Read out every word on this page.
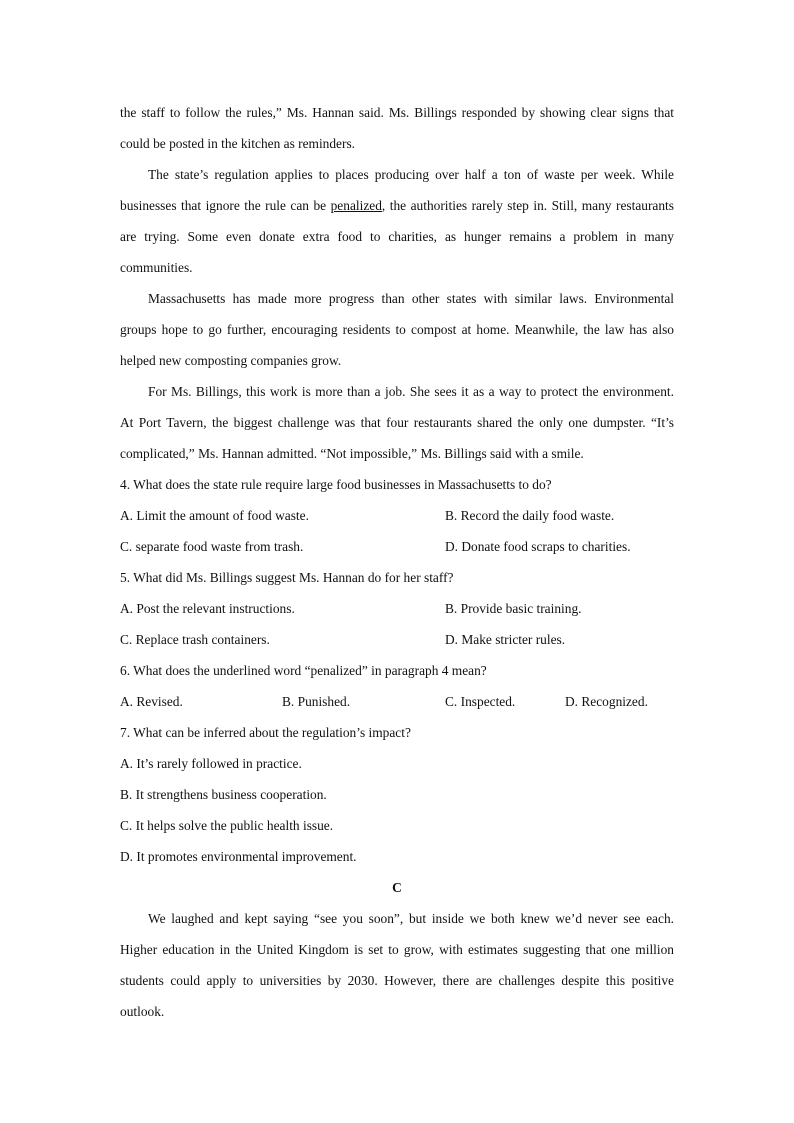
the staff to follow the rules,” Ms. Hannan said. Ms. Billings responded by showing clear signs that
could be posted in the kitchen as reminders.
The state’s regulation applies to places producing over half a ton of waste per week. While
businesses that ignore the rule can be penalized, the authorities rarely step in. Still, many restaurants
are trying. Some even donate extra food to charities, as hunger remains a problem in many
communities.
Massachusetts has made more progress than other states with similar laws. Environmental
groups hope to go further, encouraging residents to compost at home. Meanwhile, the law has also
helped new composting companies grow.
For Ms. Billings, this work is more than a job. She sees it as a way to protect the environment.
At Port Tavern, the biggest challenge was that four restaurants shared the only one dumpster. “It’s
complicated,” Ms. Hannan admitted. “Not impossible,” Ms. Billings said with a smile.
4. What does the state rule require large food businesses in Massachusetts to do?
A. Limit the amount of food waste.	B. Record the daily food waste.
C. separate food waste from trash.	D. Donate food scraps to charities.
5. What did Ms. Billings suggest Ms. Hannan do for her staff?
A. Post the relevant instructions.	B. Provide basic training.
C. Replace trash containers.	D. Make stricter rules.
6. What does the underlined word “penalized” in paragraph 4 mean?
A. Revised.	B. Punished.	C. Inspected.	D. Recognized.
7. What can be inferred about the regulation’s impact?
A. It’s rarely followed in practice.
B. It strengthens business cooperation.
C. It helps solve the public health issue.
D. It promotes environmental improvement.
C
We laughed and kept saying “see you soon”, but inside we both knew we’d never see each.
Higher education in the United Kingdom is set to grow, with estimates suggesting that one million
students could apply to universities by 2030. However, there are challenges despite this positive
outlook.
